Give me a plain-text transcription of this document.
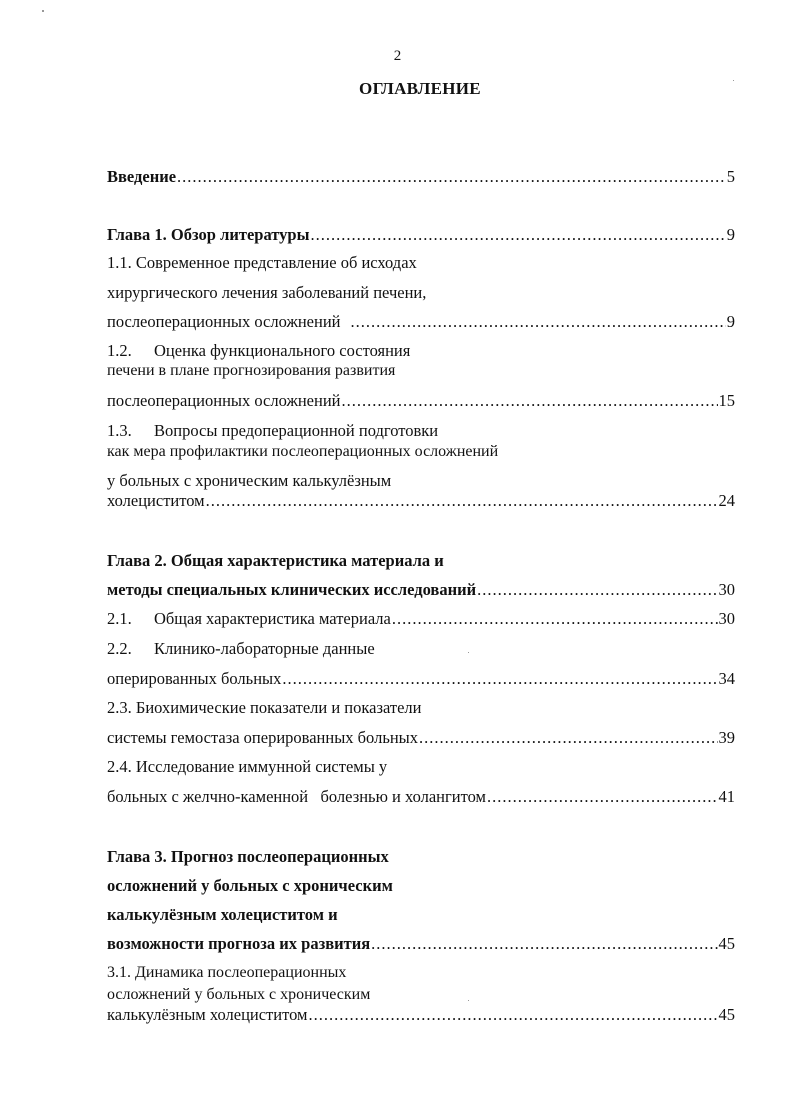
2
ОГЛАВЛЕНИЕ
Введение .....	5
Глава 1. Обзор литературы .....	9
1.1. Современное представление об исходах
хирургического лечения заболеваний печени,
послеоперационных осложнений .....	9
1.2. Оценка функционального состояния
печени в плане прогнозирования развития
послеоперационных осложнений .....	15
1.3. Вопросы предоперационной подготовки
как мера профилактики послеоперационных осложнений
у больных с хроническим калькулёзным
холециститом .....	24
Глава 2. Общая характеристика материала и
методы специальных клинических исследований .....	30
2.1. Общая характеристика материала .....	30
2.2. Клинико-лабораторные данные
оперированных больных .....	34
2.3. Биохимические показатели и показатели
системы гемостаза оперированных больных .....	39
2.4. Исследование иммунной системы у
больных с желчно-каменной   болезнью и холангитом .....	41
Глава 3. Прогноз послеоперационных
осложнений у больных с хроническим
калькулёзным холециститом и
возможности прогноза их развития .....	45
3.1. Динамика послеоперационных
осложнений у больных с хроническим
калькулёзным холециститом .....	45
